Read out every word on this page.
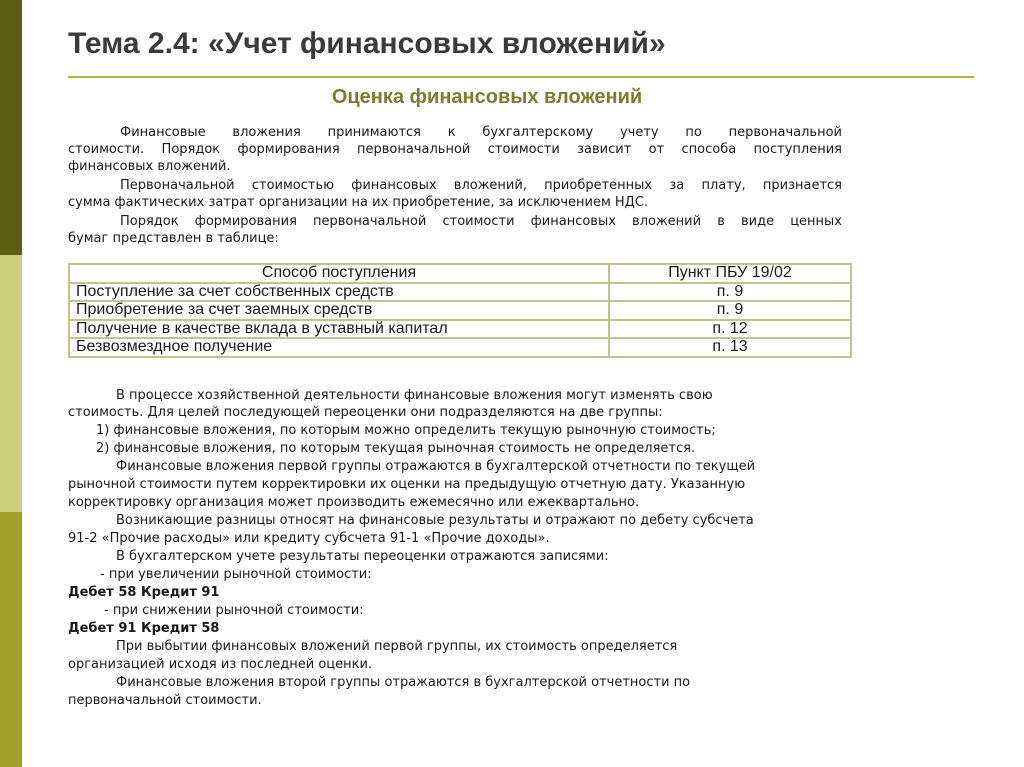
Тема 2.4: «Учет финансовых вложений»
Оценка финансовых вложений

Финансовые вложения принимаются к бухгалтерскому учету по первоначальной

стоимости. Порядок формирования первоначальной стоимости зависит от способа поступления

финансовых вложений.

Первоначальной стоимостью финансовых вложений, приобретенных за плату, признается

сумма фактических затрат организации на их приобретение, за исключением НДС.

Порядок формирования первоначальной стоимости финансовых вложений в виде ценных

бумаг представлен в таблице:

Способ поступления	Пункт ПБУ 19/02
Поступление за счет собственных средств	п. 9
Приобретение за счет заемных средств	п. 9
Получение в качестве вклада в уставный капитал	п. 12
Безвозмездное получение	п. 13

В процессе хозяйственной деятельности финансовые вложения могут изменять свою

стоимость. Для целей последующей переоценки они подразделяются на две группы:

1) финансовые вложения, по которым можно определить текущую рыночную стоимость;

2) финансовые вложения, по которым текущая рыночная стоимость не определяется.

Финансовые вложения первой группы отражаются в бухгалтерской отчетности по текущей

рыночной стоимости путем корректировки их оценки на предыдущую отчетную дату. Указанную

корректировку организация может производить ежемесячно или ежеквартально.

Возникающие разницы относят на финансовые результаты и отражают по дебету субсчета

91-2 «Прочие расходы» или кредиту субсчета 91-1 «Прочие доходы».

В бухгалтерском учете результаты переоценки отражаются записями:

- при увеличении рыночной стоимости:

Дебет 58 Кредит 91

- при снижении рыночной стоимости:

Дебет 91 Кредит 58

При выбытии финансовых вложений первой группы, их стоимость определяется

организацией исходя из последней оценки.

Финансовые вложения второй группы отражаются в бухгалтерской отчетности по

первоначальной стоимости.
